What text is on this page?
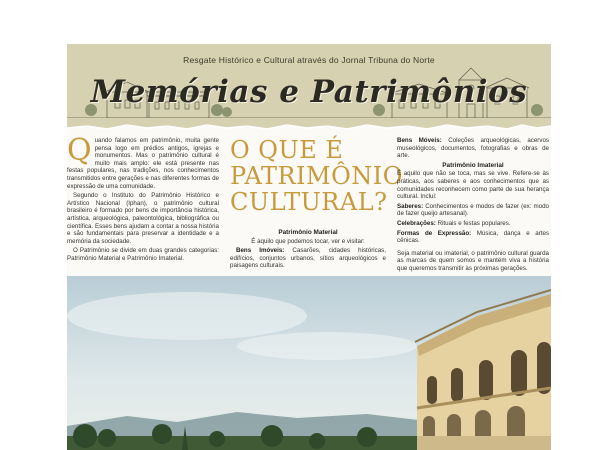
Resgate Histórico e Cultural através do Jornal Tribuna do Norte
Memórias e Patrimônios

Quando falamos em patrimônio, muita gente pensa logo em prédios antigos, igrejas e monumentos. Mas o patrimônio cultural é muito mais amplo: ele está presente nas festas populares, nas tradições, nos conhecimentos transmitidos entre gerações e nas diferentes formas de expressão de uma comunidade.

Segundo o Instituto do Patrimônio Histórico e Artístico Nacional (Iphan), o patrimônio cultural brasileiro é formado por bens de importância histórica, artística, arqueológica, paleontológica, bibliográfica ou científica. Esses bens ajudam a contar a nossa história e são fundamentais para preservar a identidade e a memória da sociedade.

O Patrimônio se divide em duas grandes categorias: Patrimônio Material e Patrimônio Imaterial.

O QUE É
PATRIMÔNIO
CULTURAL?
Patrimônio Material

É aquilo que podemos tocar, ver e visitar:

Bens Imóveis: Casarões, cidades históricas, edifícios, conjuntos urbanos, sítios arqueológicos e paisagens culturais.

Bens Móveis: Coleções arqueológicas, acervos museológicos, documentos, fotografias e obras de arte.

Patrimônio Imaterial

É aquilo que não se toca, mas se vive. Refere-se às práticas, aos saberes e aos conhecimentos que as comunidades reconhecem como parte de sua herança cultural. Inclui:

Saberes: Conhecimentos e modos de fazer (ex: modo de fazer queijo artesanal).

Celebrações: Rituais e festas populares.

Formas de Expressão: Música, dança e artes cênicas.

Seja material ou imaterial, o patrimônio cultural guarda as marcas de quem somos e mantém viva a história que queremos transmitir às próximas gerações.
